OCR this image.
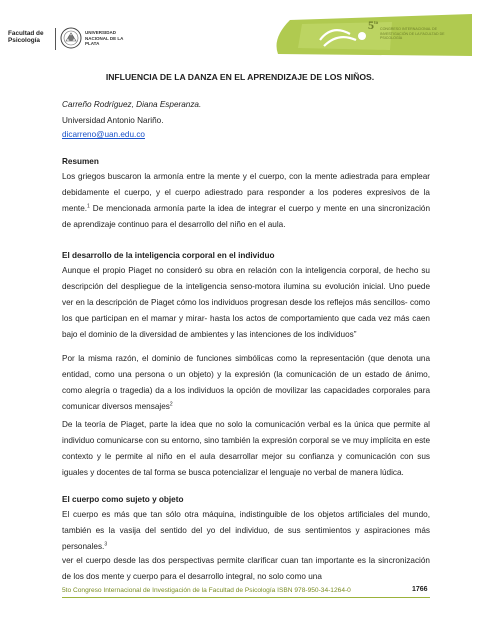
Facultad de Psicología
UNIVERSIDAD NACIONAL DE LA PLATA
$5^{to}$
CONGRESO INTERNACIONAL DE INVESTIGACIÓN DE LA FACULTAD DE PSICOLOGÍA
INFLUENCIA DE LA DANZA EN EL APRENDIZAJE DE LOS NIÑOS.
Carreño Rodríguez, Diana Esperanza.
Universidad Antonio Nariño.
dicarreno@uan.edu.co
Resumen
Los griegos buscaron la armonía entre la mente y el cuerpo, con la mente adiestrada para emplear debidamente el cuerpo, y el cuerpo adiestrado para responder a los poderes expresivos de la mente.$^1$ De mencionada armonía parte la idea de integrar el cuerpo y mente en una sincronización de aprendizaje continuo para el desarrollo del niño en el aula.
El desarrollo de la inteligencia corporal en el individuo
Aunque el propio Piaget no consideró su obra en relación con la inteligencia corporal, de hecho su descripción del despliegue de la inteligencia senso-motora ilumina su evolución inicial. Uno puede ver en la descripción de Piaget cómo los individuos progresan desde los reflejos más sencillos- como los que participan en el mamar y mirar- hasta los actos de comportamiento que cada vez más caen bajo el dominio de la diversidad de ambientes y las intenciones de los individuos”
Por la misma razón, el dominio de funciones simbólicas como la representación (que denota una entidad, como una persona o un objeto) y la expresión (la comunicación de un estado de ánimo, como alegría o tragedia) da a los individuos la opción de movilizar las capacidades corporales para comunicar diversos mensajes$^2$
De la teoría de Piaget, parte la idea que no solo la comunicación verbal es la única que permite al individuo comunicarse con su entorno, sino también la expresión corporal se ve muy implícita en este contexto y le permite al niño en el aula desarrollar mejor su confianza y comunicación con sus iguales y docentes de tal forma se busca potencializar el lenguaje no verbal de manera lúdica.
El cuerpo como sujeto y objeto
El cuerpo es más que tan sólo otra máquina, indistinguible de los objetos artificiales del mundo, también es la vasija del sentido del yo del individuo, de sus sentimientos y aspiraciones más personales.$^3$
ver el cuerpo desde las dos perspectivas permite clarificar cuan tan importante es la sincronización de los dos mente y cuerpo para el desarrollo integral, no solo como una
5to Congreso Internacional de Investigación de la Facultad de Psicología ISBN 978-950-34-1264-0	1766
